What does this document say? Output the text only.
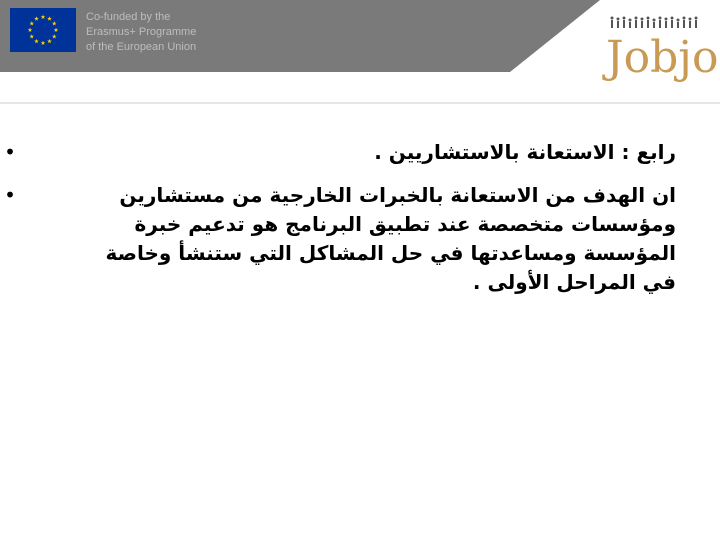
Co-funded by the
Erasmus+ Programme
of the European Union	Jobjo
•	رابع : الاستعانة بالاستشاريين .
•	ان الهدف من الاستعانة بالخبرات الخارجية من مستشارين
ومؤسسات متخصصة عند تطبيق البرنامج هو تدعيم خبرة
المؤسسة ومساعدتها في حل المشاكل التي ستنشأ وخاصة
في المراحل الأولى .
